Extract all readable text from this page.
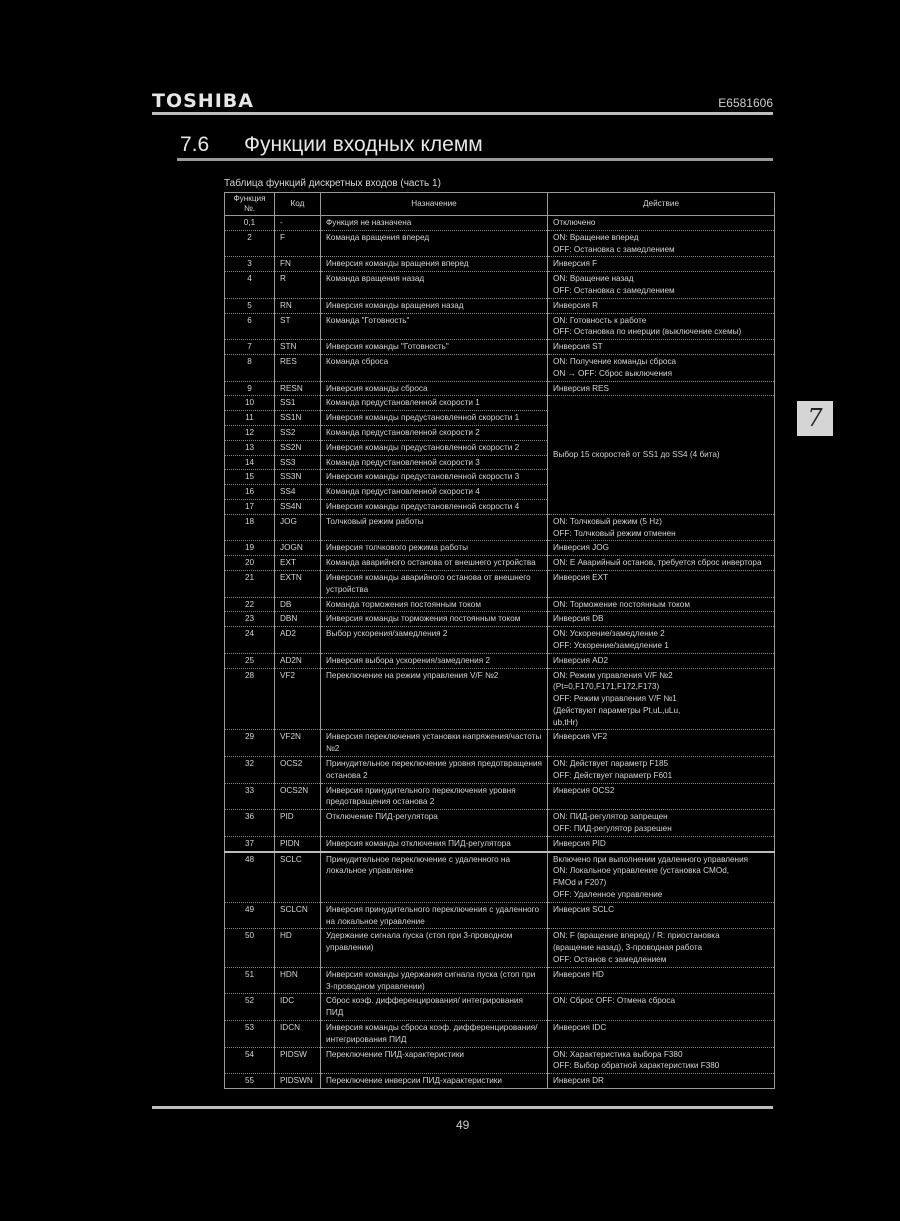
TOSHIBA	E6581606
7.6 Функции входных клемм
7
Таблица функций дискретных входов (часть 1)
Функция
№.	Код	Назначение	Действие
0,1	-	Функция не назначена	Отключено
2	F	Команда вращения вперед	ON: Вращение вперед
OFF: Остановка с замедлением
3	FN	Инверсия команды вращения вперед	Инверсия F
4	R	Команда вращения назад	ON: Вращение назад
OFF: Остановка с замедлением
5	RN	Инверсия команды вращения назад	Инверсия R
6	ST	Команда "Готовность"	ON: Готовность к работе
OFF: Остановка по инерции (выключение схемы)
7	STN	Инверсия команды "Готовность"	Инверсия ST
8	RES	Команда сброса	ON: Получение команды сброса
ON → OFF: Сброс выключения
9	RESN	Инверсия команды сброса	Инверсия RES
10	SS1	Команда предустановленной скорости 1	Выбор 15 скоростей от SS1 до SS4 (4 бита)
11	SS1N	Инверсия команды предустановленной скорости 1	
12	SS2	Команда предустановленной скорости 2	
13	SS2N	Инверсия команды предустановленной скорости 2	
14	SS3	Команда предустановленной скорости 3	
15	SS3N	Инверсия команды предустановленной скорости 3	
16	SS4	Команда предустановленной скорости 4	
17	SS4N	Инверсия команды предустановленной скорости 4	
18	JOG	Толчковый режим работы	ON: Толчковый режим (5 Hz)
OFF: Толчковый режим отменен
19	JOGN	Инверсия толчкового режима работы	Инверсия JOG
20	EXT	Команда аварийного останова от внешнего устройства	ON: E Аварийный останов, требуется сброс инвертора
21	EXTN	Инверсия команды аварийного останова от внешнего устройства	Инверсия EXT
22	DB	Команда торможения постоянным током	ON: Торможение постоянным током
23	DBN	Инверсия команды торможения постоянным током	Инверсия DB
24	AD2	Выбор ускорения/замедления 2	ON: Ускорение/замедление 2
OFF: Ускорение/замедление 1
25	AD2N	Инверсия выбора ускорения/замедления 2	Инверсия AD2
28	VF2	Переключение на режим управления V/F №2	ON: Режим управления V/F №2
(Pt=0,F170,F171,F172,F173)
OFF: Режим управления V/F №1
(Действуют параметры Pt,uL,uLu,
ub,tHr)
29	VF2N	Инверсия переключения установки напряжения/частоты №2	Инверсия VF2
32	OCS2	Принудительное переключение уровня предотвращения останова 2	ON: Действует параметр F185
OFF: Действует параметр F601
33	OCS2N	Инверсия принудительного переключения уровня предотвращения останова 2	Инверсия OCS2
36	PID	Отключение ПИД-регулятора	ON: ПИД-регулятор запрещен
OFF: ПИД-регулятор разрешен
37	PIDN	Инверсия команды отключения ПИД-регулятора	Инверсия PID
48	SCLC	Принудительное переключение с удаленного на локальное управление	Включено при выполнении удаленного управления
ON: Локальное управление (установка CMOd,
FMOd и F207)
OFF: Удаленное управление
49	SCLCN	Инверсия принудительного переключения с удаленного на локальное управление	Инверсия SCLC
50	HD	Удержание сигнала пуска (стоп при 3-проводном управлении)	ON: F (вращение вперед) / R: приостановка
(вращение назад), 3-проводная работа
OFF: Останов с замедлением
51	HDN	Инверсия команды удержания сигнала пуска (стоп при 3-проводном управлении)	Инверсия HD
52	IDC	Сброс коэф. дифференцирования/ интегрирования ПИД	ON: Сброс OFF: Отмена сброса
53	IDCN	Инверсия команды сброса коэф. дифференцирования/интегрирования ПИД	Инверсия IDC
54	PIDSW	Переключение ПИД-характеристики	ON: Характеристика выбора F380
OFF: Выбор обратной характеристики F380
55	PIDSWN	Переключение инверсии ПИД-характеристики	Инверсия DR
49
